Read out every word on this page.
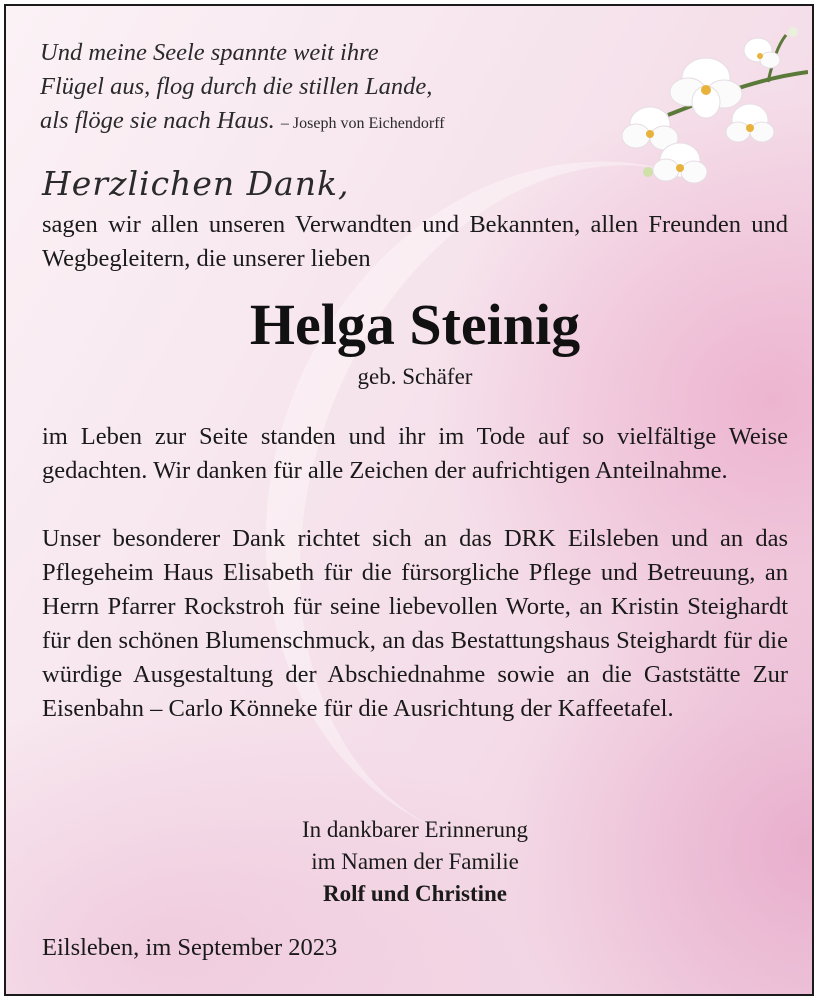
Und meine Seele spannte weit ihre
Flügel aus, flog durch die stillen Lande,
als flöge sie nach Haus. – Joseph von Eichendorff
Herzlichen Dank,
sagen wir allen unseren Verwandten und Bekannten, allen Freunden und Wegbegleitern, die unserer lieben
Helga Steinig
geb. Schäfer
im Leben zur Seite standen und ihr im Tode auf so vielfältige Weise gedachten. Wir danken für alle Zeichen der aufrichtigen Anteilnahme.
Unser besonderer Dank richtet sich an das DRK Eilsleben und an das Pflegeheim Haus Elisabeth für die fürsorgliche Pflege und Betreuung, an Herrn Pfarrer Rockstroh für seine liebevollen Worte, an Kristin Steighardt für den schönen Blumenschmuck, an das Bestattungshaus Steighardt für die würdige Ausgestaltung der Abschiednahme sowie an die Gaststätte Zur Eisenbahn – Carlo Könneke für die Ausrichtung der Kaffeetafel.
In dankbarer Erinnerung
im Namen der Familie
Rolf und Christine
Eilsleben, im September 2023
